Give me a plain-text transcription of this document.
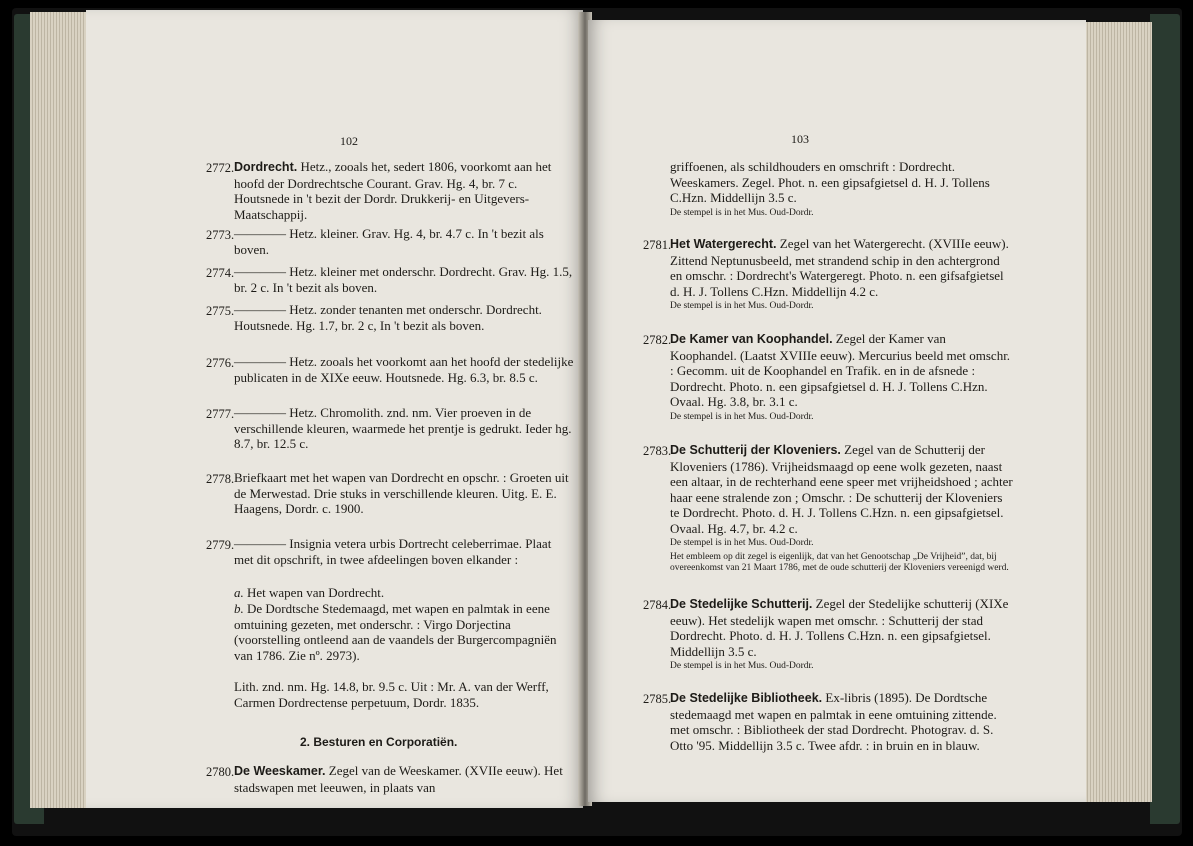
102
2772. Dordrecht. Hetz., zooals het, sedert 1806, voorkomt aan het hoofd der Dordrechtsche Courant. Grav. Hg. 4, br. 7 c. Houtsnede in 't bezit der Dordr. Drukkerij- en Uitgevers-Maatschappij.
2773. ———— Hetz. kleiner. Grav. Hg. 4, br. 4.7 c. In 't bezit als boven.
2774. ———— Hetz. kleiner met onderschr. Dordrecht. Grav. Hg. 1.5, br. 2 c. In 't bezit als boven.
2775. ———— Hetz. zonder tenanten met onderschr. Dordrecht. Houtsnede. Hg. 1.7, br. 2 c, In 't bezit als boven.
2776. ———— Hetz. zooals het voorkomt aan het hoofd der stedelijke publicaten in de XIXe eeuw. Houtsnede. Hg. 6.3, br. 8.5 c.
2777. ———— Hetz. Chromolith. znd. nm. Vier proeven in de verschillende kleuren, waarmede het prentje is gedrukt. Ieder hg. 8.7, br. 12.5 c.
2778. Briefkaart met het wapen van Dordrecht en opschr. : Groeten uit de Merwestad. Drie stuks in verschillende kleuren. Uitg. E. E. Haagens, Dordr. c. 1900.
2779. ———— Insignia vetera urbis Dortrecht celeberrimae. Plaat met dit opschrift, in twee afdeelingen boven elkander :
a. Het wapen van Dordrecht.
b. De Dordtsche Stedemaagd, met wapen en palmtak in eene omtuining gezeten, met onderschr. : Virgo Dorjectina (voorstelling ontleend aan de vaandels der Burgercompagniën van 1786. Zie nº. 2973).
Lith. znd. nm. Hg. 14.8, br. 9.5 c. Uit : Mr. A. van der Werff, Carmen Dordrectense perpetuum, Dordr. 1835.
2. Besturen en Corporatiën.
2780. De Weeskamer. Zegel van de Weeskamer. (XVIIe eeuw). Het stadswapen met leeuwen, in plaats van
103
griffoenen, als schildhouders en omschrift : Dordrecht. Weeskamers. Zegel. Phot. n. een gipsafgietsel d. H. J. Tollens C.Hzn. Middellijn 3.5 c.
De stempel is in het Mus. Oud-Dordr.
2781.
Het Watergerecht. Zegel van het Watergerecht. (XVIIIe eeuw). Zittend Neptunusbeeld, met strandend schip in den achtergrond en omschr. : Dordrecht's Watergeregt. Photo. n. een gifsafgietsel d. H. J. Tollens C.Hzn. Middellijn 4.2 c.
De stempel is in het Mus. Oud-Dordr.
2782.
De Kamer van Koophandel. Zegel der Kamer van Koophandel. (Laatst XVIIIe eeuw). Mercurius beeld met omschr. : Gecomm. uit de Koophandel en Trafik. en in de afsnede : Dordrecht. Photo. n. een gipsafgietsel d. H. J. Tollens C.Hzn. Ovaal. Hg. 3.8, br. 3.1 c.
De stempel is in het Mus. Oud-Dordr.
2783.
De Schutterij der Kloveniers. Zegel van de Schutterij der Kloveniers (1786). Vrijheidsmaagd op eene wolk gezeten, naast een altaar, in de rechterhand eene speer met vrijheidshoed ; achter haar eene stralende zon ; Omschr. : De schutterij der Kloveniers te Dordrecht. Photo. d. H. J. Tollens C.Hzn. n. een gipsafgietsel. Ovaal. Hg. 4.7, br. 4.2 c.
De stempel is in het Mus. Oud-Dordr.
Het embleem op dit zegel is eigenlijk, dat van het Genootschap „De Vrijheid”, dat, bij overeenkomst van 21 Maart 1786, met de oude schutterij der Kloveniers vereenigd werd.
2784.
De Stedelijke Schutterij. Zegel der Stedelijke schutterij (XIXe eeuw). Het stedelijk wapen met omschr. : Schutterij der stad Dordrecht. Photo. d. H. J. Tollens C.Hzn. n. een gipsafgietsel. Middellijn 3.5 c.
De stempel is in het Mus. Oud-Dordr.
2785.
De Stedelijke Bibliotheek. Ex-libris (1895). De Dordtsche stedemaagd met wapen en palmtak in eene omtuining zittende. met omschr. : Bibliotheek der stad Dordrecht. Photograv. d. S. Otto '95. Middellijn 3.5 c. Twee afdr. : in bruin en in blauw.
